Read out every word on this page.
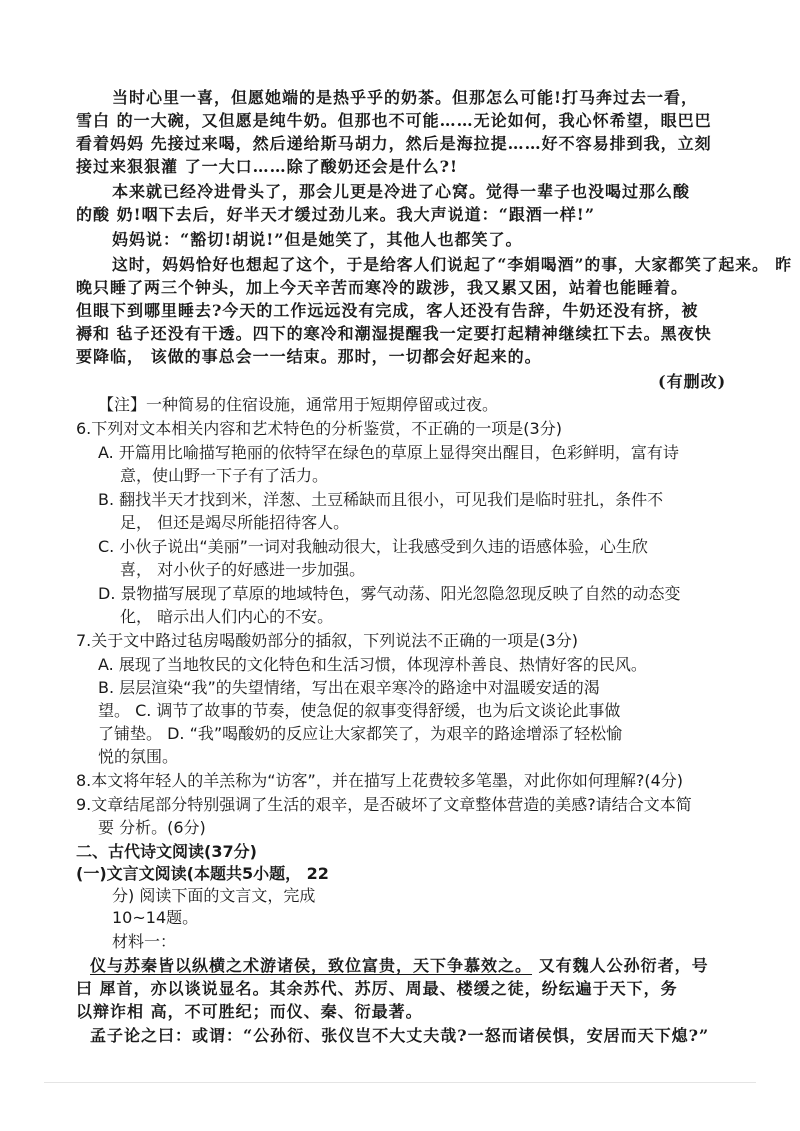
当时心里一喜，但愿她端的是热乎乎的奶茶。但那怎么可能!打马奔过去一看，
雪白 的一大碗，又但愿是纯牛奶。但那也不可能……无论如何，我心怀希望，眼巴巴
看着妈妈 先接过来喝，然后递给斯马胡力，然后是海拉提……好不容易排到我，立刻
接过来狠狠灌 了一大口……除了酸奶还会是什么?!
本来就已经冷进骨头了，那会儿更是冷进了心窝。觉得一辈子也没喝过那么酸
的酸 奶!咽下去后，好半天才缓过劲儿来。我大声说道：“跟酒一样!”
妈妈说：“豁切!胡说!”但是她笑了，其他人也都笑了。
这时，妈妈恰好也想起了这个，于是给客人们说起了“李娟喝酒”的事，大家都笑了起来。 昨
晚只睡了两三个钟头，加上今天辛苦而寒冷的跋涉，我又累又困，站着也能睡着。
但眼下到哪里睡去?今天的工作远远没有完成，客人还没有告辞，牛奶还没有挤，被
褥和 毡子还没有干透。四下的寒冷和潮湿提醒我一定要打起精神继续扛下去。黑夜快
要降临， 该做的事总会一一结束。那时，一切都会好起来的。
(有删改)
【注】一种简易的住宿设施，通常用于短期停留或过夜。
6.下列对文本相关内容和艺术特色的分析鉴赏，不正确的一项是(3分)
A. 开篇用比喻描写艳丽的依特罕在绿色的草原上显得突出醒目，色彩鲜明，富有诗
意，使山野一下子有了活力。
B. 翻找半天才找到米，洋葱、土豆稀缺而且很小，可见我们是临时驻扎，条件不
足， 但还是竭尽所能招待客人。
C. 小伙子说出“美丽”一词对我触动很大，让我感受到久违的语感体验，心生欣
喜， 对小伙子的好感进一步加强。
D. 景物描写展现了草原的地域特色，雾气动荡、阳光忽隐忽现反映了自然的动态变
化， 暗示出人们内心的不安。
7.关于文中路过毡房喝酸奶部分的插叙，下列说法不正确的一项是(3分)
A. 展现了当地牧民的文化特色和生活习惯，体现淳朴善良、热情好客的民风。
B. 层层渲染“我”的失望情绪，写出在艰辛寒冷的路途中对温暖安适的渴
望。 C. 调节了故事的节奏，使急促的叙事变得舒缓，也为后文谈论此事做
了铺垫。 D. “我”喝酸奶的反应让大家都笑了，为艰辛的路途增添了轻松愉
悦的氛围。
8.本文将年轻人的羊羔称为“访客”，并在描写上花费较多笔墨，对此你如何理解?(4分)
9.文章结尾部分特别强调了生活的艰辛，是否破坏了文章整体营造的美感?请结合文本简
要 分析。(6分)
二、古代诗文阅读(37分)
(一)文言文阅读(本题共5小题， 22
分) 阅读下面的文言文，完成
10~14题。
材料一：
仪与苏秦皆以纵横之术游诸侯，致位富贵，天下争慕效之。 又有魏人公孙衍者，号
曰 犀首，亦以谈说显名。其余苏代、苏厉、周最、楼缓之徒，纷纭遍于天下，务
以辩诈相 高，不可胜纪；而仪、秦、衍最著。
孟子论之曰：或谓：“公孙衍、张仪岂不大丈夫哉?一怒而诸侯惧，安居而天下熄?”
